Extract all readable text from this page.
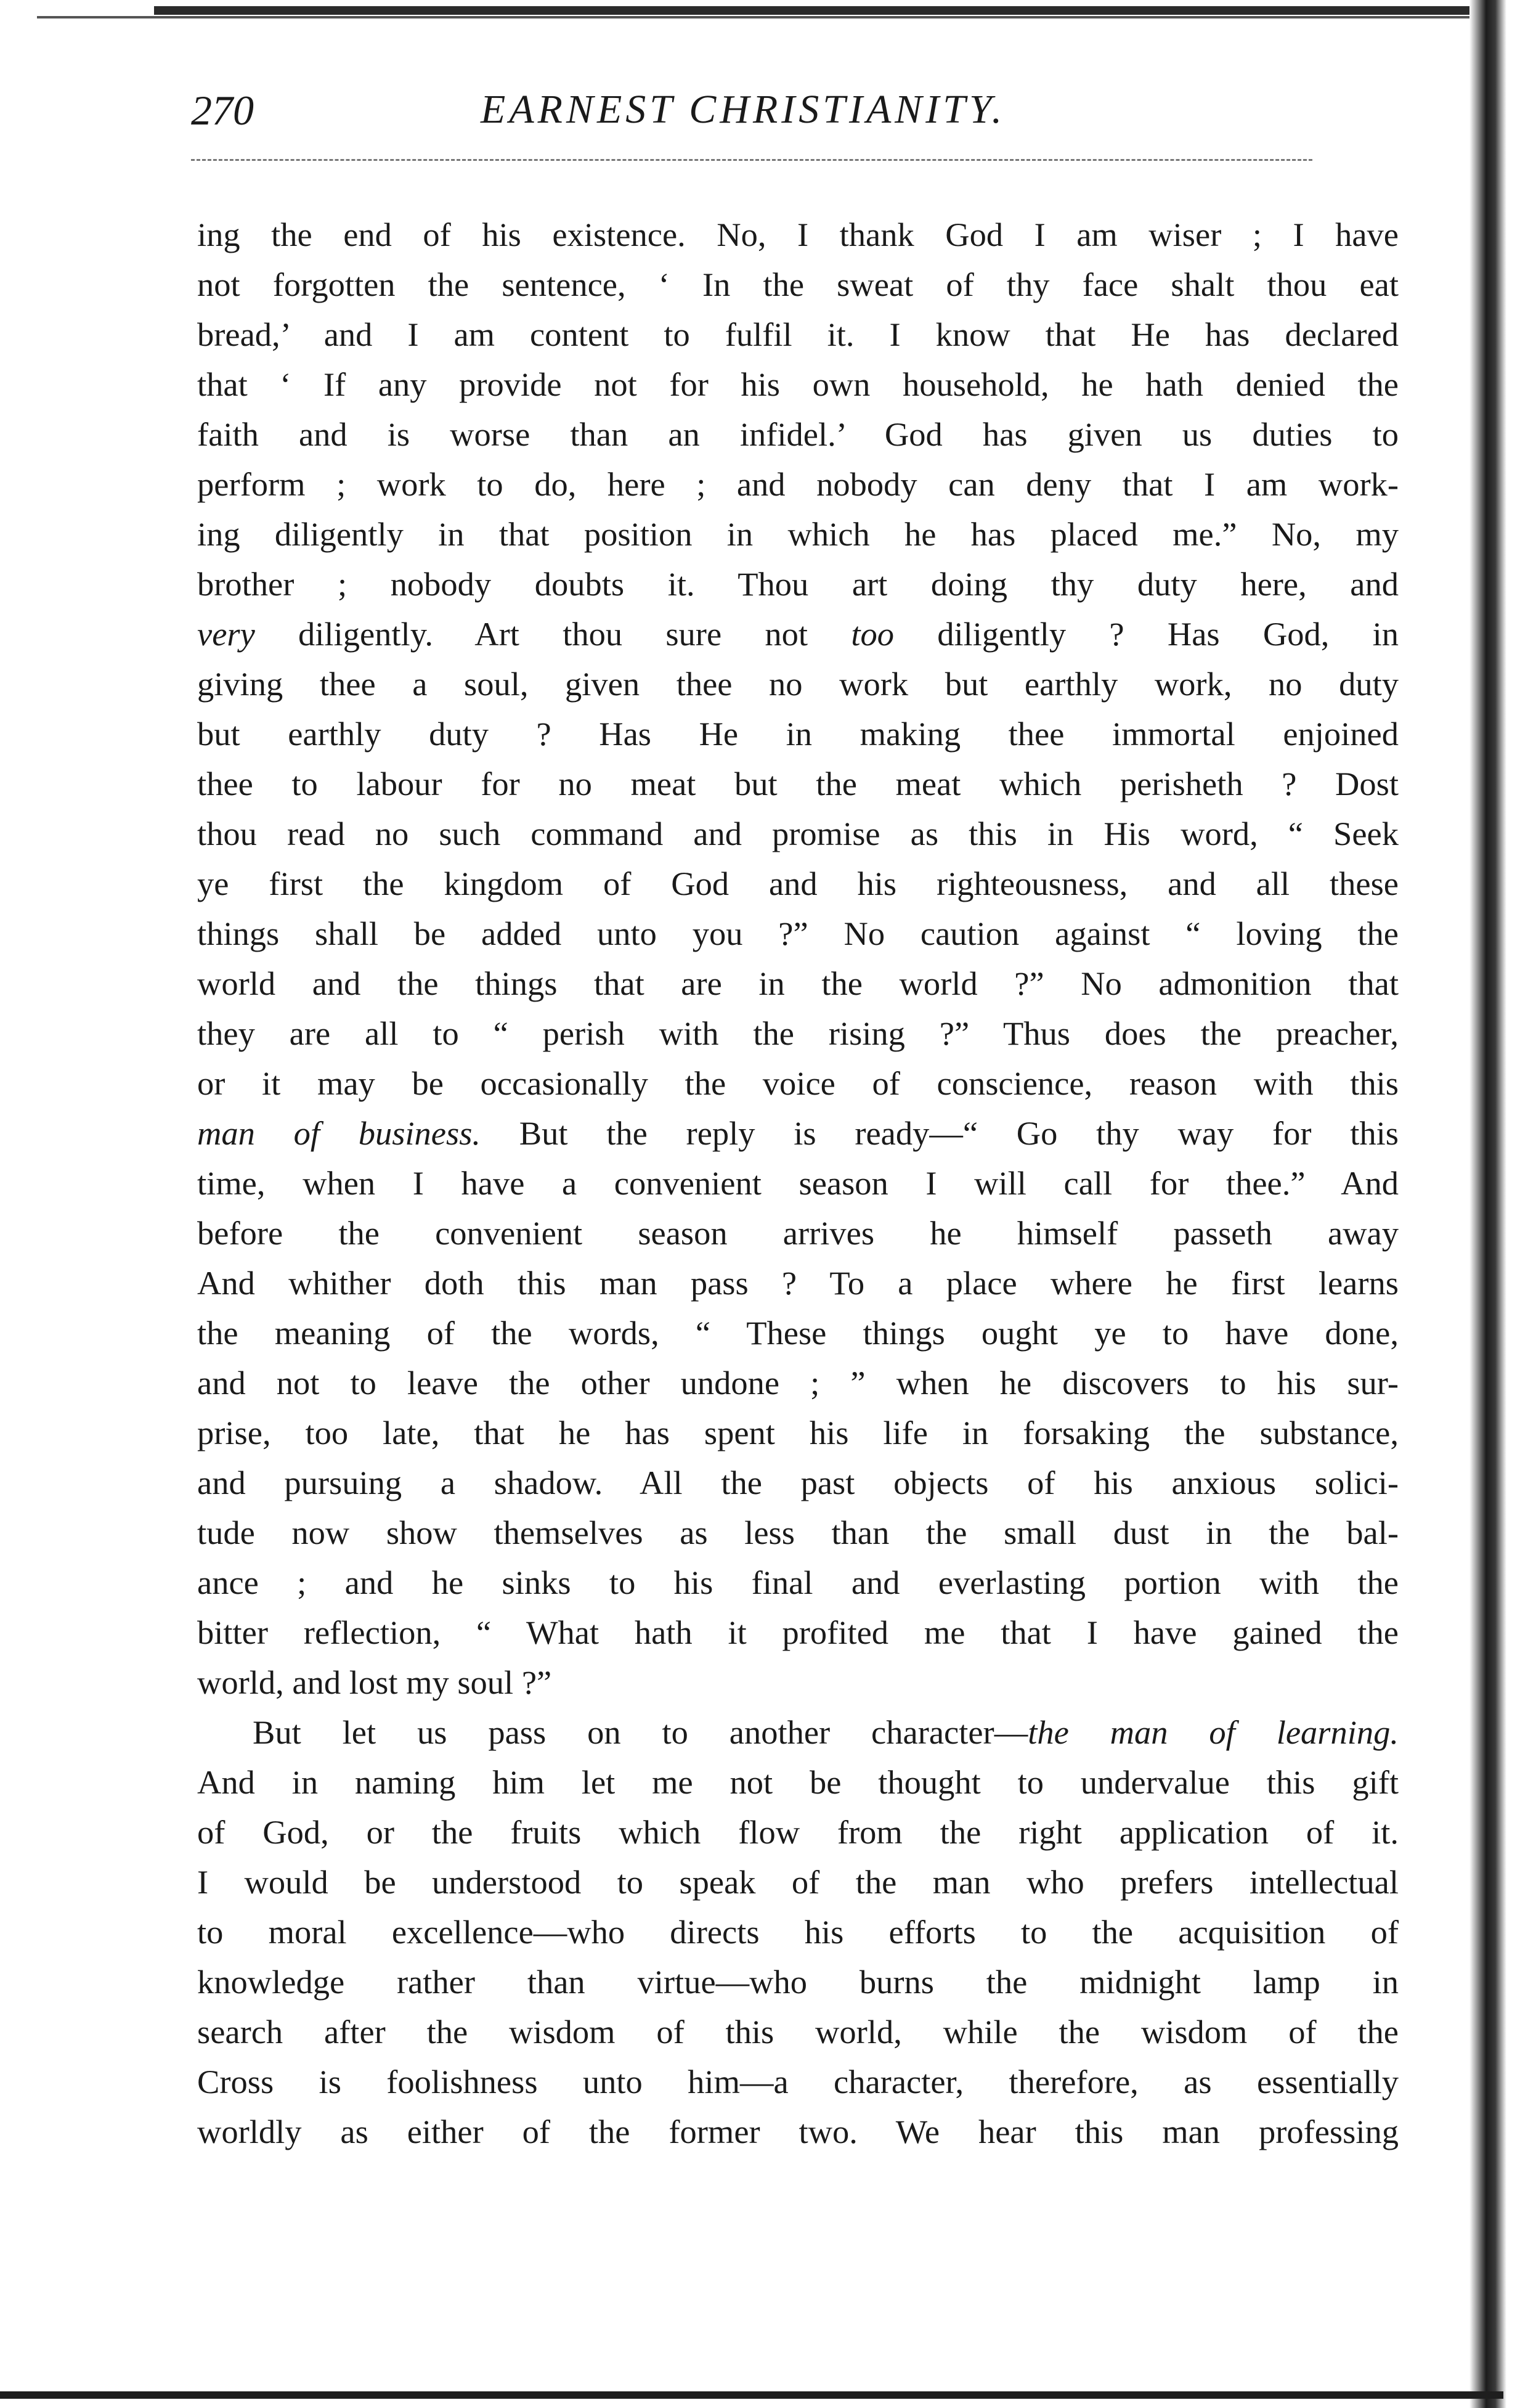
270	EARNEST CHRISTIANITY.
ing the end of his existence. No, I thank God I am wiser ; I have
not forgotten the sentence, ‘ In the sweat of thy face shalt thou eat
bread,’ and I am content to fulfil it. I know that He has declared
that ‘ If any provide not for his own household, he hath denied the
faith and is worse than an infidel.’ God has given us duties to
perform ; work to do, here ; and nobody can deny that I am work-
ing diligently in that position in which he has placed me.” No, my
brother ; nobody doubts it. Thou art doing thy duty here, and
very diligently. Art thou sure not too diligently ? Has God, in
giving thee a soul, given thee no work but earthly work, no duty
but earthly duty ? Has He in making thee immortal enjoined
thee to labour for no meat but the meat which perisheth ? Dost
thou read no such command and promise as this in His word, “ Seek
ye first the kingdom of God and his righteousness, and all these
things shall be added unto you ?” No caution against “ loving the
world and the things that are in the world ?” No admonition that
they are all to “ perish with the rising ?” Thus does the preacher,
or it may be occasionally the voice of conscience, reason with this
man of business. But the reply is ready—“ Go thy way for this
time, when I have a convenient season I will call for thee.” And
before the convenient season arrives he himself passeth away
And whither doth this man pass ? To a place where he first learns
the meaning of the words, “ These things ought ye to have done,
and not to leave the other undone ; ” when he discovers to his sur-
prise, too late, that he has spent his life in forsaking the substance,
and pursuing a shadow. All the past objects of his anxious solici-
tude now show themselves as less than the small dust in the bal-
ance ; and he sinks to his final and everlasting portion with the
bitter reflection, “ What hath it profited me that I have gained the
world, and lost my soul ?”
But let us pass on to another character—the man of learning.
And in naming him let me not be thought to undervalue this gift
of God, or the fruits which flow from the right application of it.
I would be understood to speak of the man who prefers intellectual
to moral excellence—who directs his efforts to the acquisition of
knowledge rather than virtue—who burns the midnight lamp in
search after the wisdom of this world, while the wisdom of the
Cross is foolishness unto him—a character, therefore, as essentially
worldly as either of the former two. We hear this man professing
